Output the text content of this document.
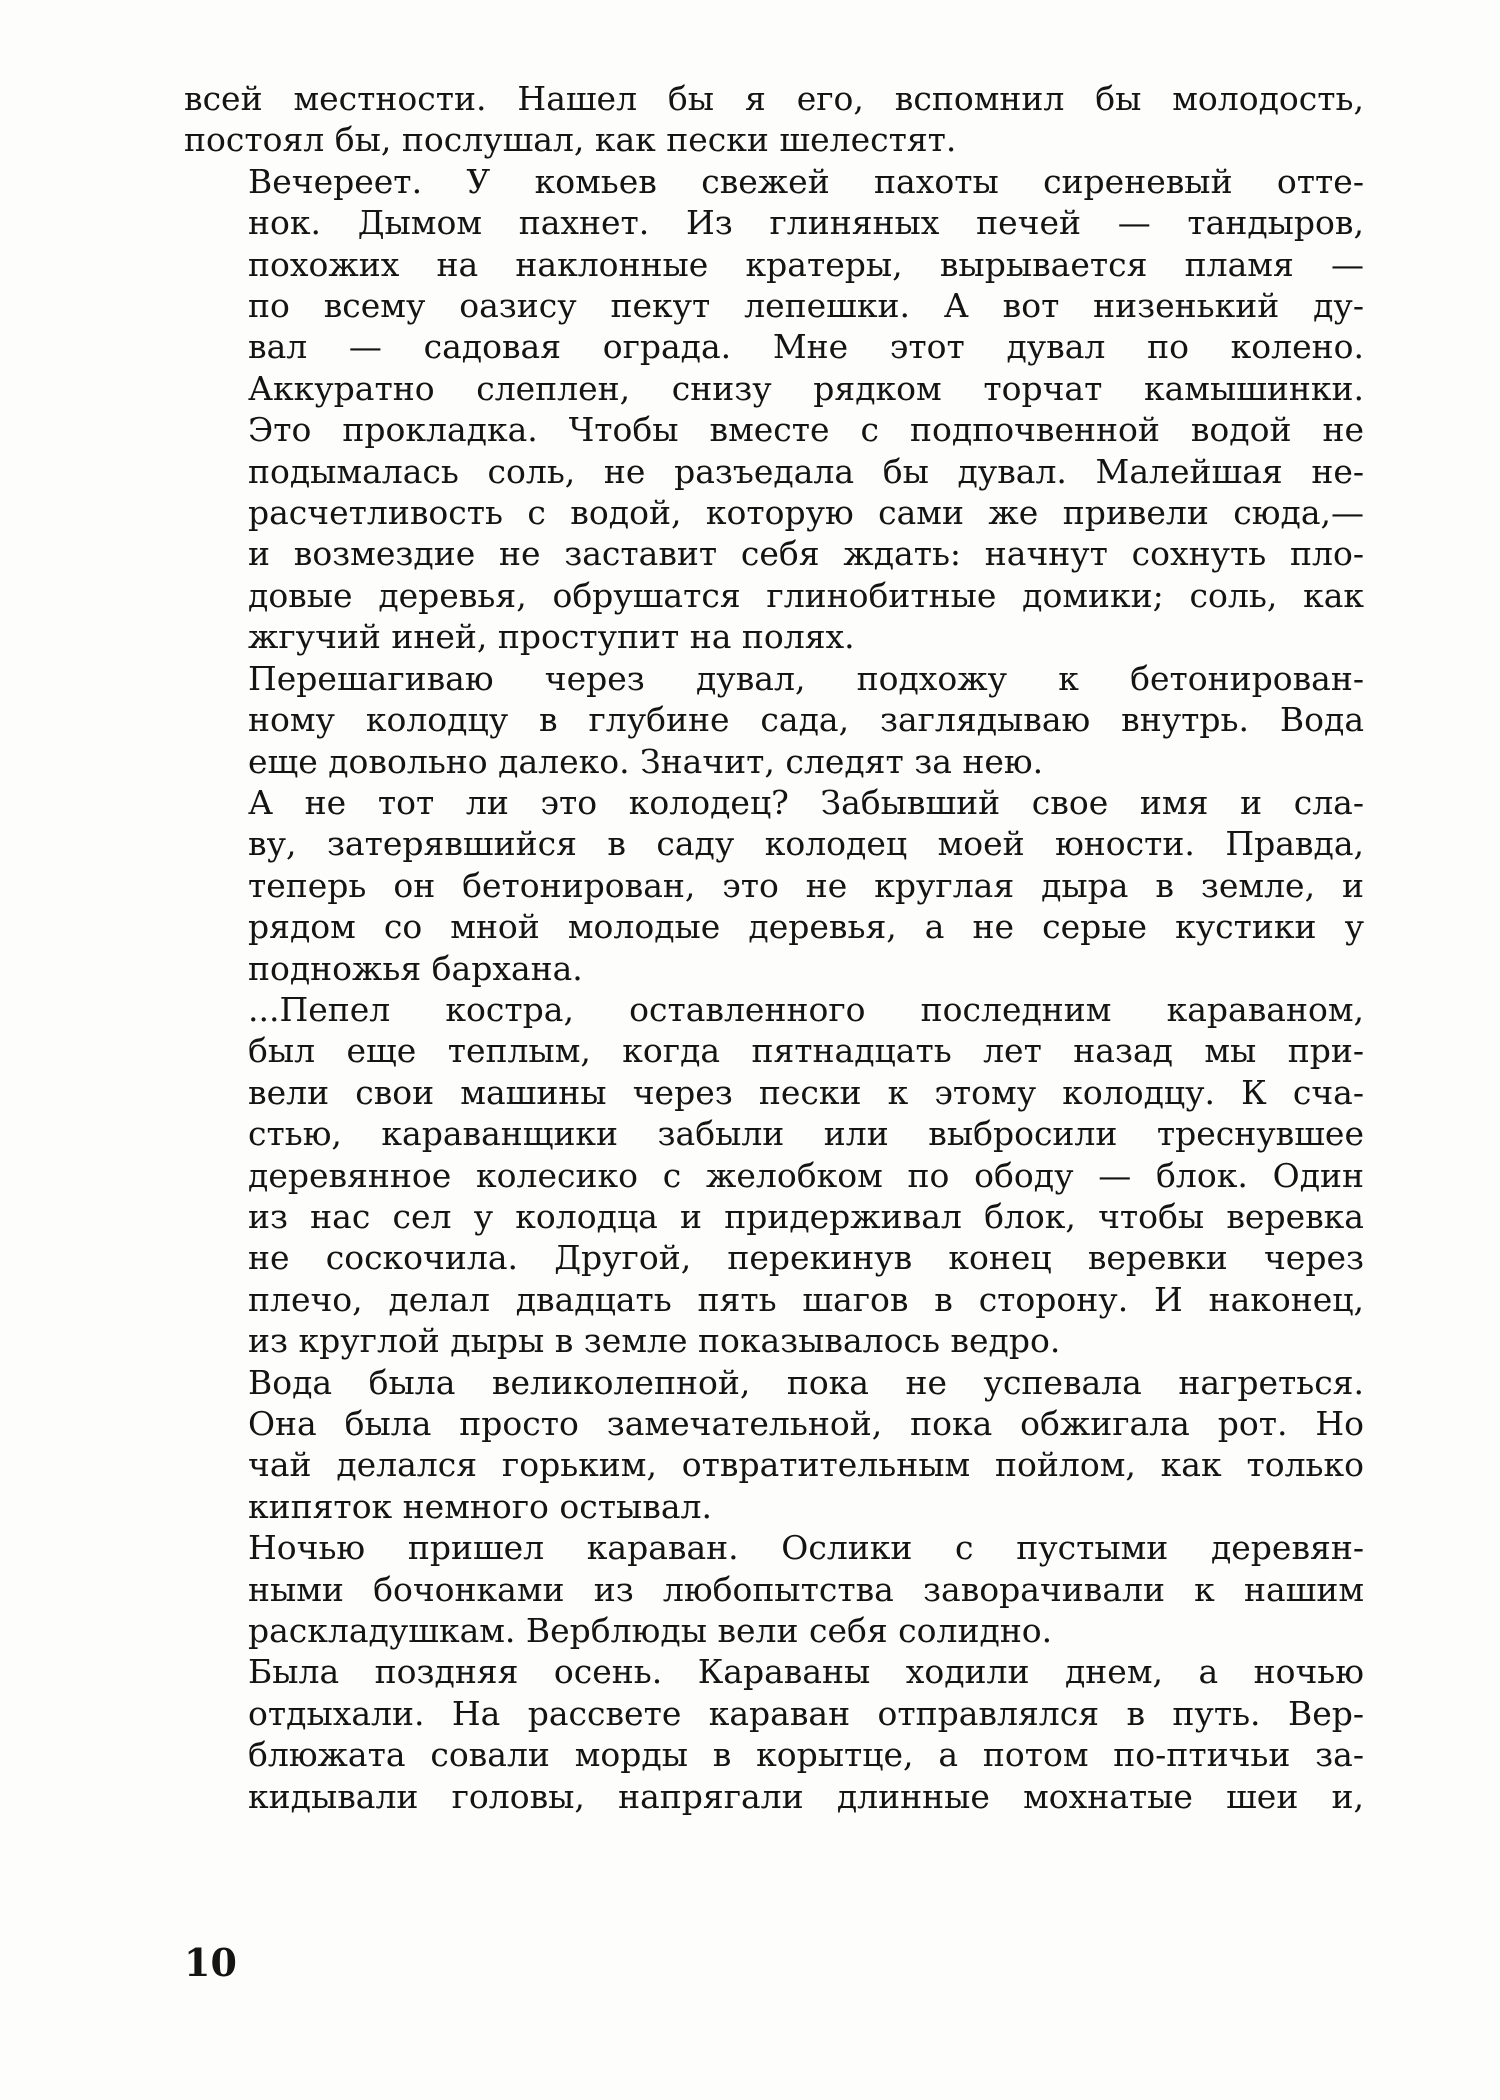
всей местности. Нашел бы я его, вспомнил бы молодость,
постоял бы, послушал, как пески шелестят.
Вечереет. У комьев свежей пахоты сиреневый отте-
нок. Дымом пахнет. Из глиняных печей — тандыров,
похожих на наклонные кратеры, вырывается пламя —
по всему оазису пекут лепешки. А вот низенький ду-
вал — садовая ограда. Мне этот дувал по колено.
Аккуратно слеплен, снизу рядком торчат камышинки.
Это прокладка. Чтобы вместе с подпочвенной водой не
подымалась соль, не разъедала бы дувал. Малейшая не-
расчетливость с водой, которую сами же привели сюда,—
и возмездие не заставит себя ждать: начнут сохнуть пло-
довые деревья, обрушатся глинобитные домики; соль, как
жгучий иней, проступит на полях.
Перешагиваю через дувал, подхожу к бетонирован-
ному колодцу в глубине сада, заглядываю внутрь. Вода
еще довольно далеко. Значит, следят за нею.
А не тот ли это колодец? Забывший свое имя и сла-
ву, затерявшийся в саду колодец моей юности. Правда,
теперь он бетонирован, это не круглая дыра в земле, и
рядом со мной молодые деревья, а не серые кустики у
подножья бархана.
...Пепел костра, оставленного последним караваном,
был еще теплым, когда пятнадцать лет назад мы при-
вели свои машины через пески к этому колодцу. К сча-
стью, караванщики забыли или выбросили треснувшее
деревянное колесико с желобком по ободу — блок. Один
из нас сел у колодца и придерживал блок, чтобы веревка
не соскочила. Другой, перекинув конец веревки через
плечо, делал двадцать пять шагов в сторону. И наконец,
из круглой дыры в земле показывалось ведро.
Вода была великолепной, пока не успевала нагреться.
Она была просто замечательной, пока обжигала рот. Но
чай делался горьким, отвратительным пойлом, как только
кипяток немного остывал.
Ночью пришел караван. Ослики с пустыми деревян-
ными бочонками из любопытства заворачивали к нашим
раскладушкам. Верблюды вели себя солидно.
Была поздняя осень. Караваны ходили днем, а ночью
отдыхали. На рассвете караван отправлялся в путь. Вер-
блюжата совали морды в корытце, а потом по-птичьи за-
кидывали головы, напрягали длинные мохнатые шеи и,
10
